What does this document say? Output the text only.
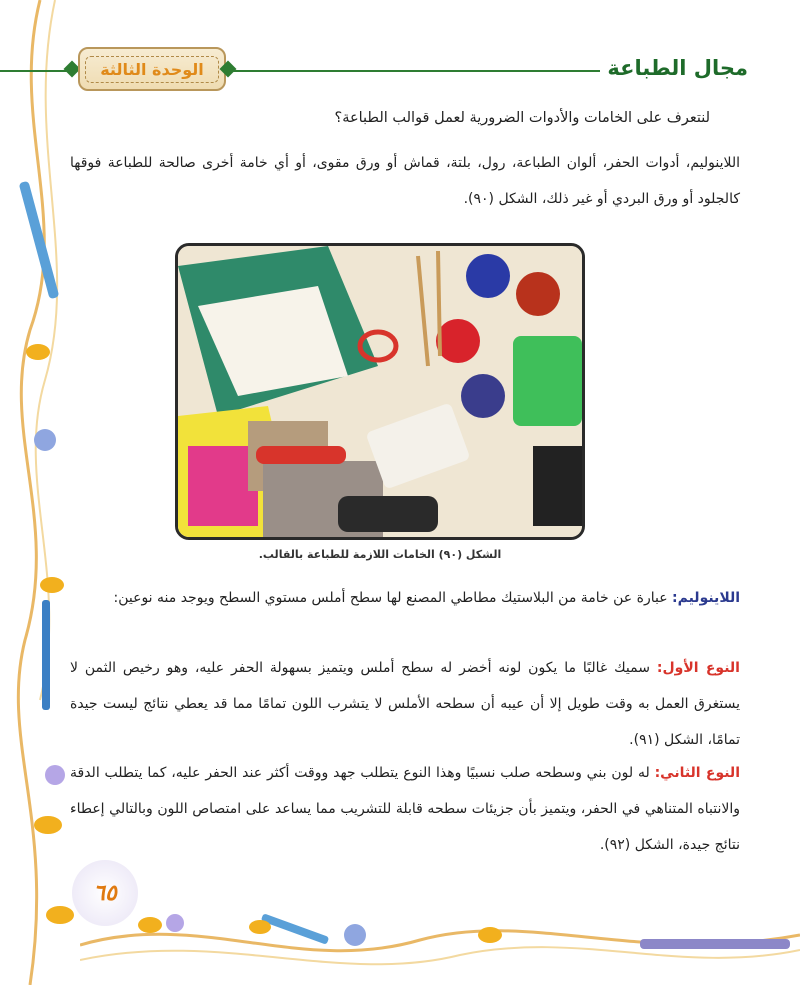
الوحدة الثالثة	مجال الطباعة
لنتعرف على الخامات والأدوات الضرورية لعمل قوالب الطباعة؟
اللاينوليم، أدوات الحفر، ألوان الطباعة، رول، بلتة، قماش أو ورق مقوى، أو أي خامة أخرى صالحة للطباعة فوقها كالجلود أو ورق البردي أو غير ذلك، الشكل (٩٠).
الشكل (٩٠) الخامات اللازمة للطباعة بالقالب.
اللاينوليم: عبارة عن خامة من البلاستيك مطاطي المصنع لها سطح أملس مستوي السطح ويوجد منه نوعين:
النوع الأول: سميك غالبًا ما يكون لونه أخضر له سطح أملس ويتميز بسهولة الحفر عليه، وهو رخيص الثمن لا يستغرق العمل به وقت طويل إلا أن عيبه أن سطحه الأملس لا يتشرب اللون تمامًا مما قد يعطي نتائج ليست جيدة تمامًا، الشكل (٩١).
النوع الثاني: له لون بني وسطحه صلب نسبيًا وهذا النوع يتطلب جهد ووقت أكثر عند الحفر عليه، كما يتطلب الدقة والانتباه المتناهي في الحفر، ويتميز بأن جزيئات سطحه قابلة للتشريب مما يساعد على امتصاص اللون وبالتالي إعطاء نتائج جيدة، الشكل (٩٢).
٦٥
